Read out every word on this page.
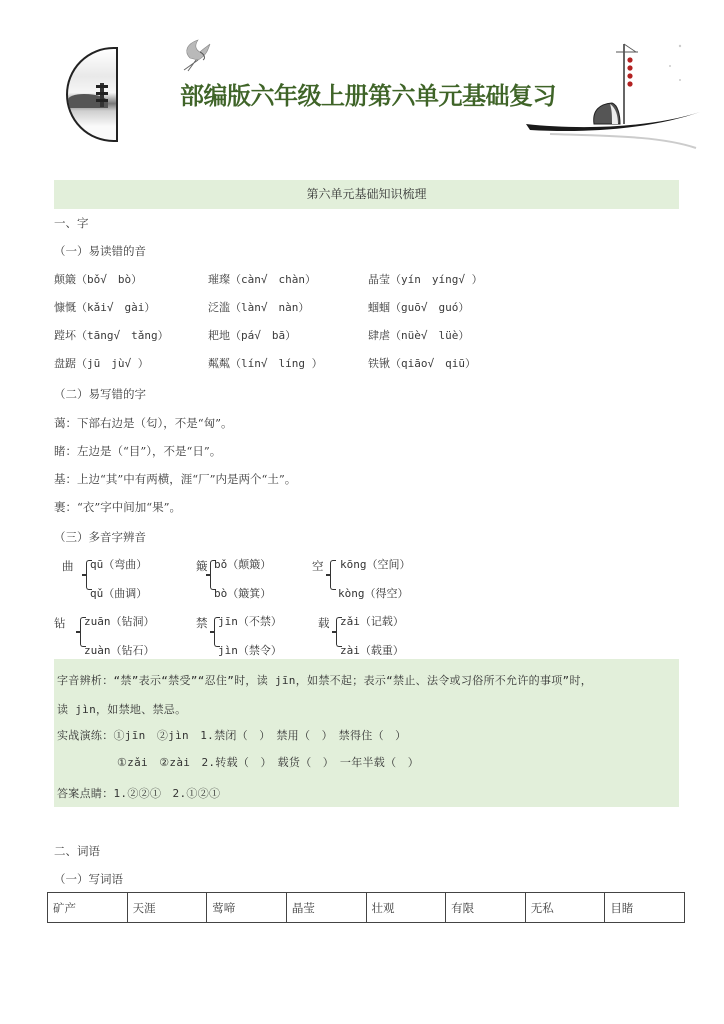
部编版六年级上册第六单元基础复习
第六单元基础知识梳理
一、字
（一）易读错的音
颠簸（bǒ√　bò）	璀璨（càn√　chàn）	晶莹（yín　yíng√ ）
慷慨（kǎi√　gài）	泛滥（làn√　nàn）	蝈蝈（guō√　guó）
蹚坏（tāng√　tǎng）	耙地（pá√　bā）	肆虐（nüè√　lüè）
盘踞（jū　jù√ ）	粼粼（lín√　líng ）	铁锹（qiāo√　qiū）
（二）易写错的字
蔼：下部右边是（匂），不是“匈”。
睹：左边是（“目”），不是“日”。
基：上边“其”中有两横，涯“厂”内是两个“土”。
裹：“衣”字中间加“果”。
（三）多音字辨音
曲 qū（弯曲）
qǔ（曲调）
簸 bǒ（颠簸）
bò（簸箕）
空 kōng（空间）
kòng（得空）
钻 zuān（钻洞）
zuàn（钻石）
禁 jīn（不禁）
jìn（禁令）
载 zǎi（记载）
zài（载重）
字音辨析：“禁”表示“禁受”“忍住”时，读 jīn，如禁不起；表示“禁止、法令或习俗所不允许的事项”时，
读 jìn，如禁地、禁忌。
实战演练：①jīn　②jìn　1.禁闭（　）　禁用（　）　禁得住（　）
①zǎi　②zài　2.转载（　）　载货（　）　一年半载（　）
答案点睛：1.②②①　2.①②①
二、词语
（一）写词语
矿产	天涯	莺啼	晶莹	壮观	有限	无私	目睹
